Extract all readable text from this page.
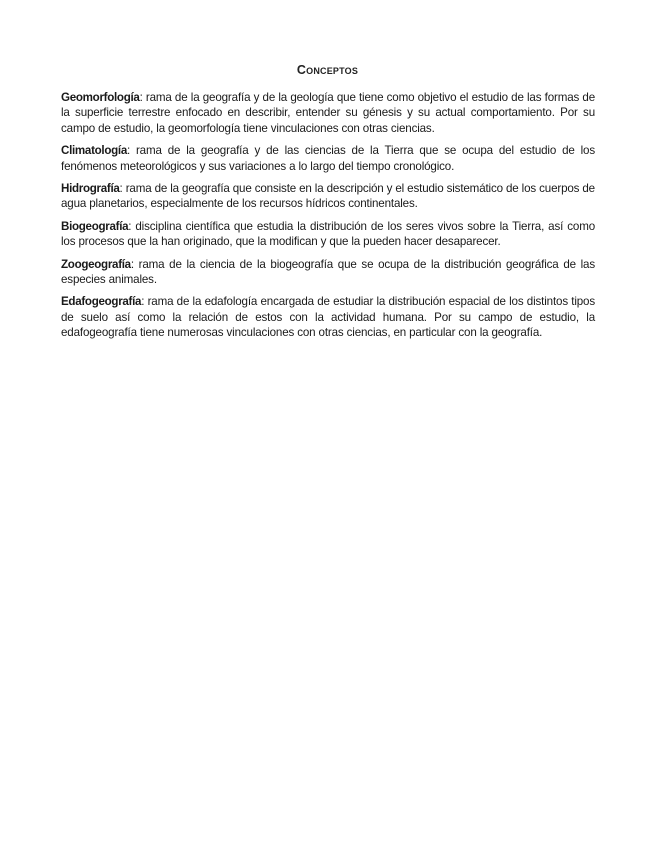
Conceptos

Geomorfología: rama de la geografía y de la geología que tiene como objetivo el estudio de las formas de la superficie terrestre enfocado en describir, entender su génesis y su actual comportamiento. Por su campo de estudio, la geomorfología tiene vinculaciones con otras ciencias.

Climatología: rama de la geografía y de las ciencias de la Tierra que se ocupa del estudio de los fenómenos meteorológicos y sus variaciones a lo largo del tiempo cronológico.

Hidrografía: rama de la geografía que consiste en la descripción y el estudio sistemático de los cuerpos de agua planetarios, especialmente de los recursos hídricos continentales.

Biogeografía: disciplina científica que estudia la distribución de los seres vivos sobre la Tierra, así como los procesos que la han originado, que la modifican y que la pueden hacer desaparecer.

Zoogeografía: rama de la ciencia de la biogeografía que se ocupa de la distribución geográfica de las especies animales.

Edafogeografía: rama de la edafología encargada de estudiar la distribución espacial de los distintos tipos de suelo así como la relación de estos con la actividad humana. Por su campo de estudio, la edafogeografía tiene numerosas vinculaciones con otras ciencias, en particular con la geografía.
